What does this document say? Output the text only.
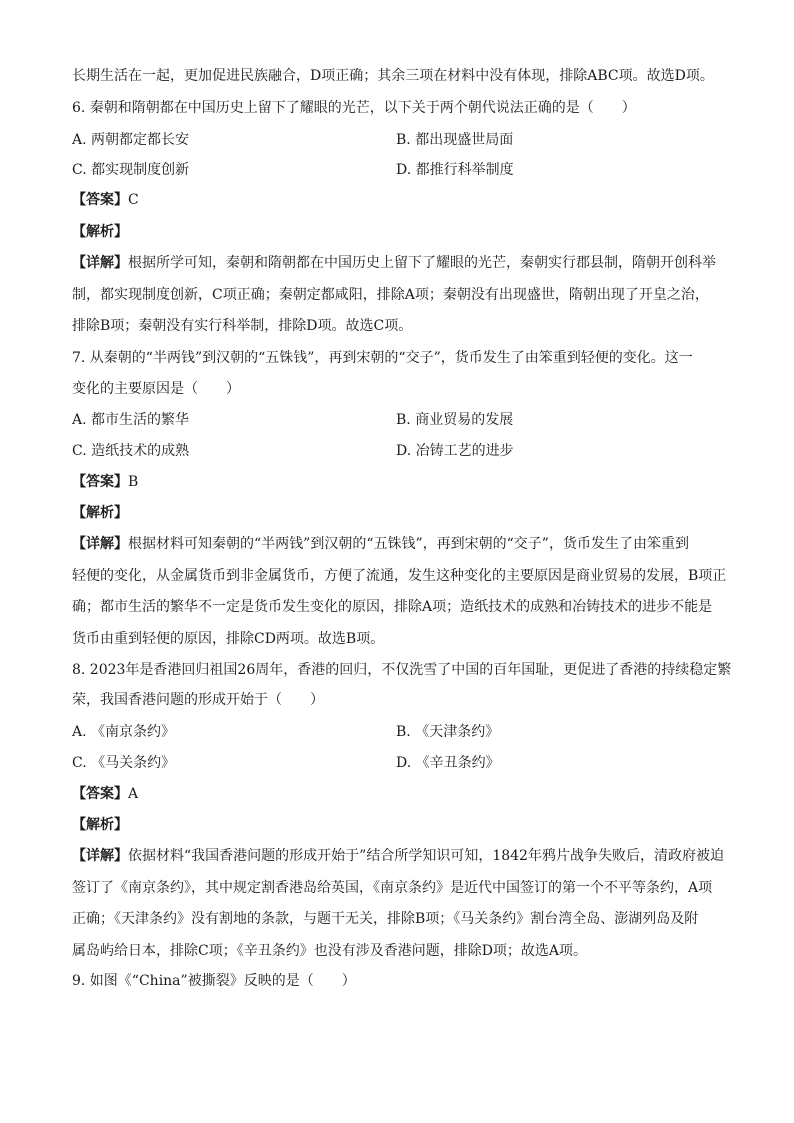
长期生活在一起，更加促进民族融合，D项正确；其余三项在材料中没有体现，排除ABC项。故选D项。
6. 秦朝和隋朝都在中国历史上留下了耀眼的光芒，以下关于两个朝代说法正确的是（　　）
A. 两朝都定都长安	B. 都出现盛世局面
C. 都实现制度创新	D. 都推行科举制度
【答案】C
【解析】
【详解】根据所学可知，秦朝和隋朝都在中国历史上留下了耀眼的光芒，秦朝实行郡县制，隋朝开创科举
制，都实现制度创新，C项正确；秦朝定都咸阳，排除A项；秦朝没有出现盛世，隋朝出现了开皇之治，
排除B项；秦朝没有实行科举制，排除D项。故选C项。
7. 从秦朝的“半两钱”到汉朝的“五铢钱”，再到宋朝的“交子”，货币发生了由笨重到轻便的变化。这一
变化的主要原因是（　　）
A. 都市生活的繁华	B. 商业贸易的发展
C. 造纸技术的成熟	D. 冶铸工艺的进步
【答案】B
【解析】
【详解】根据材料可知秦朝的“半两钱”到汉朝的“五铢钱”，再到宋朝的“交子”，货币发生了由笨重到
轻便的变化，从金属货币到非金属货币，方便了流通，发生这种变化的主要原因是商业贸易的发展，B项正
确；都市生活的繁华不一定是货币发生变化的原因，排除A项；造纸技术的成熟和冶铸技术的进步不能是
货币由重到轻便的原因，排除CD两项。故选B项。
8. 2023年是香港回归祖国26周年，香港的回归，不仅洗雪了中国的百年国耻，更促进了香港的持续稳定繁
荣，我国香港问题的形成开始于（　　）
A. 《南京条约》	B. 《天津条约》
C. 《马关条约》	D. 《辛丑条约》
【答案】A
【解析】
【详解】依据材料“我国香港问题的形成开始于”结合所学知识可知，1842年鸦片战争失败后，清政府被迫
签订了《南京条约》，其中规定割香港岛给英国，《南京条约》是近代中国签订的第一个不平等条约，A项
正确；《天津条约》没有割地的条款，与题干无关，排除B项；《马关条约》割台湾全岛、澎湖列岛及附
属岛屿给日本，排除C项；《辛丑条约》也没有涉及香港问题，排除D项；故选A项。
9. 如图《“China”被撕裂》反映的是（　　）
